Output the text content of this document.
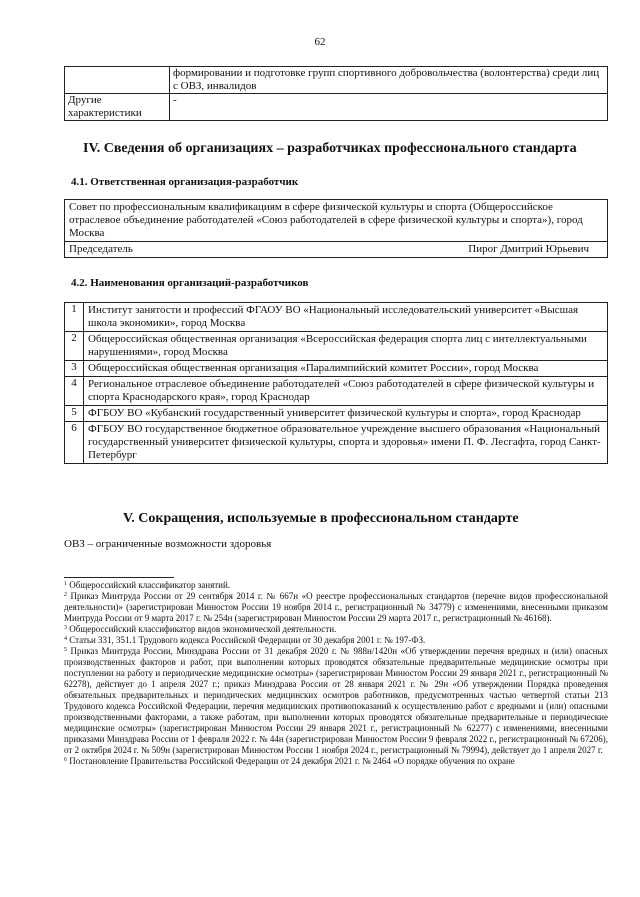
62
	формировании и подготовке групп спортивного добровольчества (волонтерства) среди лиц с ОВЗ, инвалидов
Другие характеристики	-
IV. Сведения об организациях – разработчиках профессионального стандарта
4.1. Ответственная организация-разработчик
Совет по профессиональным квалификациям в сфере физической культуры и спорта (Общероссийское отраслевое объединение работодателей «Союз работодателей в сфере физической культуры и спорта»), город Москва

Председатель	Пирог Дмитрий Юрьевич
4.2. Наименования организаций-разработчиков
1	Институт занятости и профессий ФГАОУ ВО «Национальный исследовательский университет «Высшая школа экономики», город Москва
2	Общероссийская общественная организация «Всероссийская федерация спорта лиц с интеллектуальными нарушениями», город Москва
3	Общероссийская общественная организация «Паралимпийский комитет России», город Москва
4	Региональное отраслевое объединение работодателей «Союз работодателей в сфере физической культуры и спорта Краснодарского края», город Краснодар
5	ФГБОУ ВО «Кубанский государственный университет физической культуры и спорта», город Краснодар
6	ФГБОУ ВО государственное бюджетное образовательное учреждение высшего образования «Национальный государственный университет физической культуры, спорта и здоровья» имени П. Ф. Лесгафта, город Санкт-Петербург
V. Сокращения, используемые в профессиональном стандарте
ОВЗ – ограниченные возможности здоровья

$^1$ Общероссийский классификатор занятий.

$^2$ Приказ Минтруда России от 29 сентября 2014 г. № 667н «О реестре профессиональных стандартов (перечне видов профессиональной деятельности)» (зарегистрирован Минюстом России 19 ноября 2014 г., регистрационный № 34779) с изменениями, внесенными приказом Минтруда России от 9 марта 2017 г. № 254н (зарегистрирован Минюстом России 29 марта 2017 г., регистрационный № 46168).

$^3$ Общероссийский классификатор видов экономической деятельности.

$^4$ Статьи 331, 351.1 Трудового кодекса Российской Федерации от 30 декабря 2001 г. № 197-ФЗ.

$^5$ Приказ Минтруда России, Минздрава России от 31 декабря 2020 г. № 988н/1420н «Об утверждении перечня вредных и (или) опасных производственных факторов и работ, при выполнении которых проводятся обязательные предварительные медицинские осмотры при поступлении на работу и периодические медицинские осмотры» (зарегистрирован Минюстом России 29 января 2021 г., регистрационный № 62278), действует до 1 апреля 2027 г.; приказ Минздрава России от 28 января 2021 г. № 29н «Об утверждении Порядка проведения обязательных предварительных и периодических медицинских осмотров работников, предусмотренных частью четвертой статьи 213 Трудового кодекса Российской Федерации, перечня медицинских противопоказаний к осуществлению работ с вредными и (или) опасными производственными факторами, а также работам, при выполнении которых проводятся обязательные предварительные и периодические медицинские осмотры» (зарегистрирован Минюстом России 29 января 2021 г., регистрационный № 62277) с изменениями, внесенными приказами Минздрава России от 1 февраля 2022 г. № 44н (зарегистрирован Минюстом России 9 февраля 2022 г., регистрационный № 67206), от 2 октября 2024 г. № 509н (зарегистрирован Минюстом России 1 ноября 2024 г., регистрационный № 79994), действует до 1 апреля 2027 г.

$^6$ Постановление Правительства Российской Федерации от 24 декабря 2021 г. № 2464 «О порядке обучения по охране
